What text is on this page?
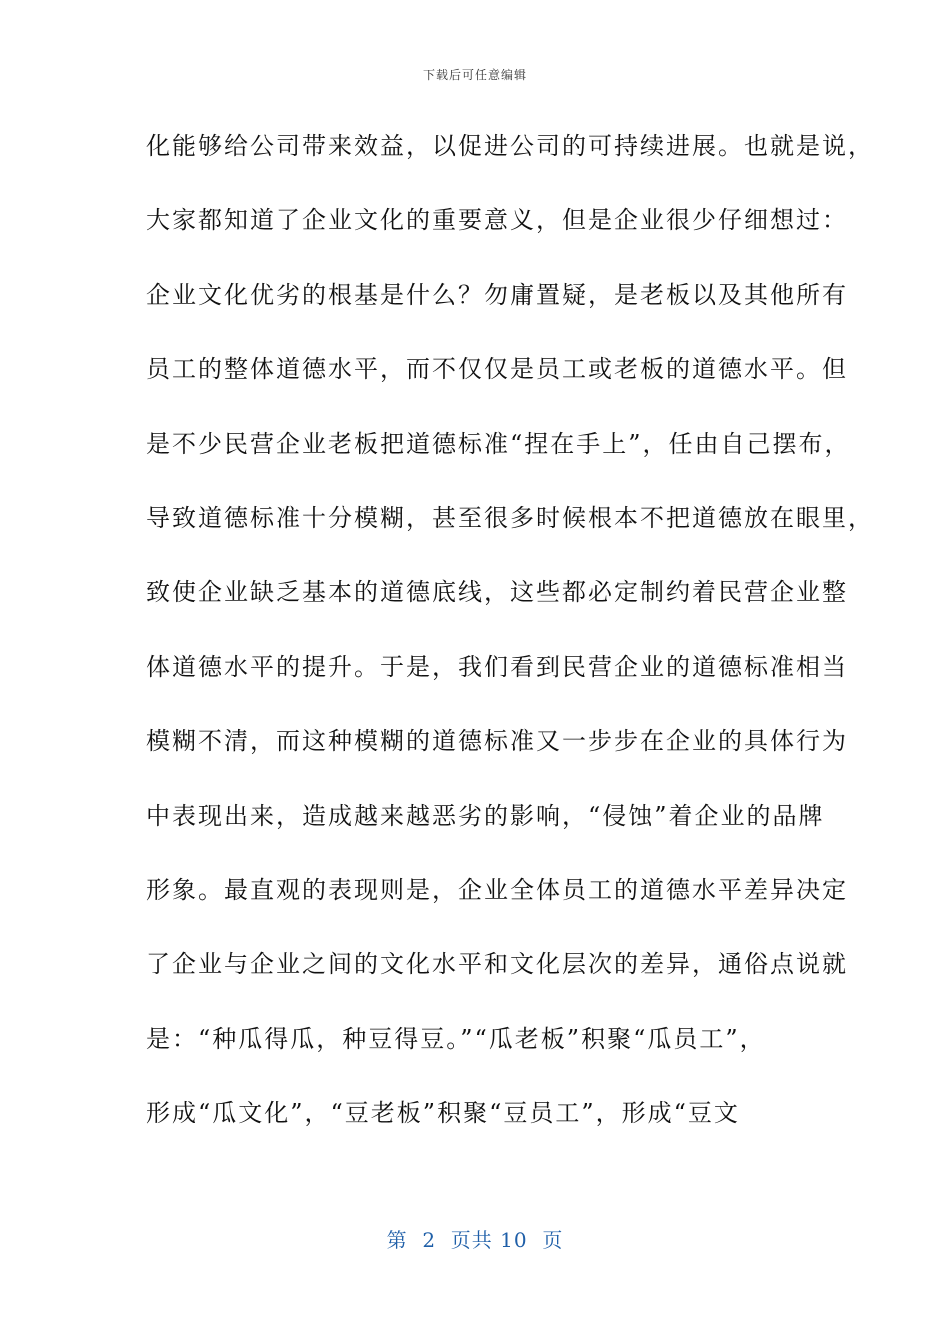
下载后可任意编辑
化能够给公司带来效益，以促进公司的可持续进展。也就是说，
大家都知道了企业文化的重要意义，但是企业很少仔细想过：
企业文化优劣的根基是什么？勿庸置疑，是老板以及其他所有
员工的整体道德水平，而不仅仅是员工或老板的道德水平。但
是不少民营企业老板把道德标准“捏在手上”，任由自己摆布，
导致道德标准十分模糊，甚至很多时候根本不把道德放在眼里，
致使企业缺乏基本的道德底线，这些都必定制约着民营企业整
体道德水平的提升。于是，我们看到民营企业的道德标准相当
模糊不清，而这种模糊的道德标准又一步步在企业的具体行为
中表现出来，造成越来越恶劣的影响，“侵蚀”着企业的品牌
形象。最直观的表现则是，企业全体员工的道德水平差异决定
了企业与企业之间的文化水平和文化层次的差异，通俗点说就
是：“种瓜得瓜，种豆得豆。”“瓜老板”积聚“瓜员工”，
形成“瓜文化”，“豆老板”积聚“豆员工”，形成“豆文
第  2  页共 10  页
